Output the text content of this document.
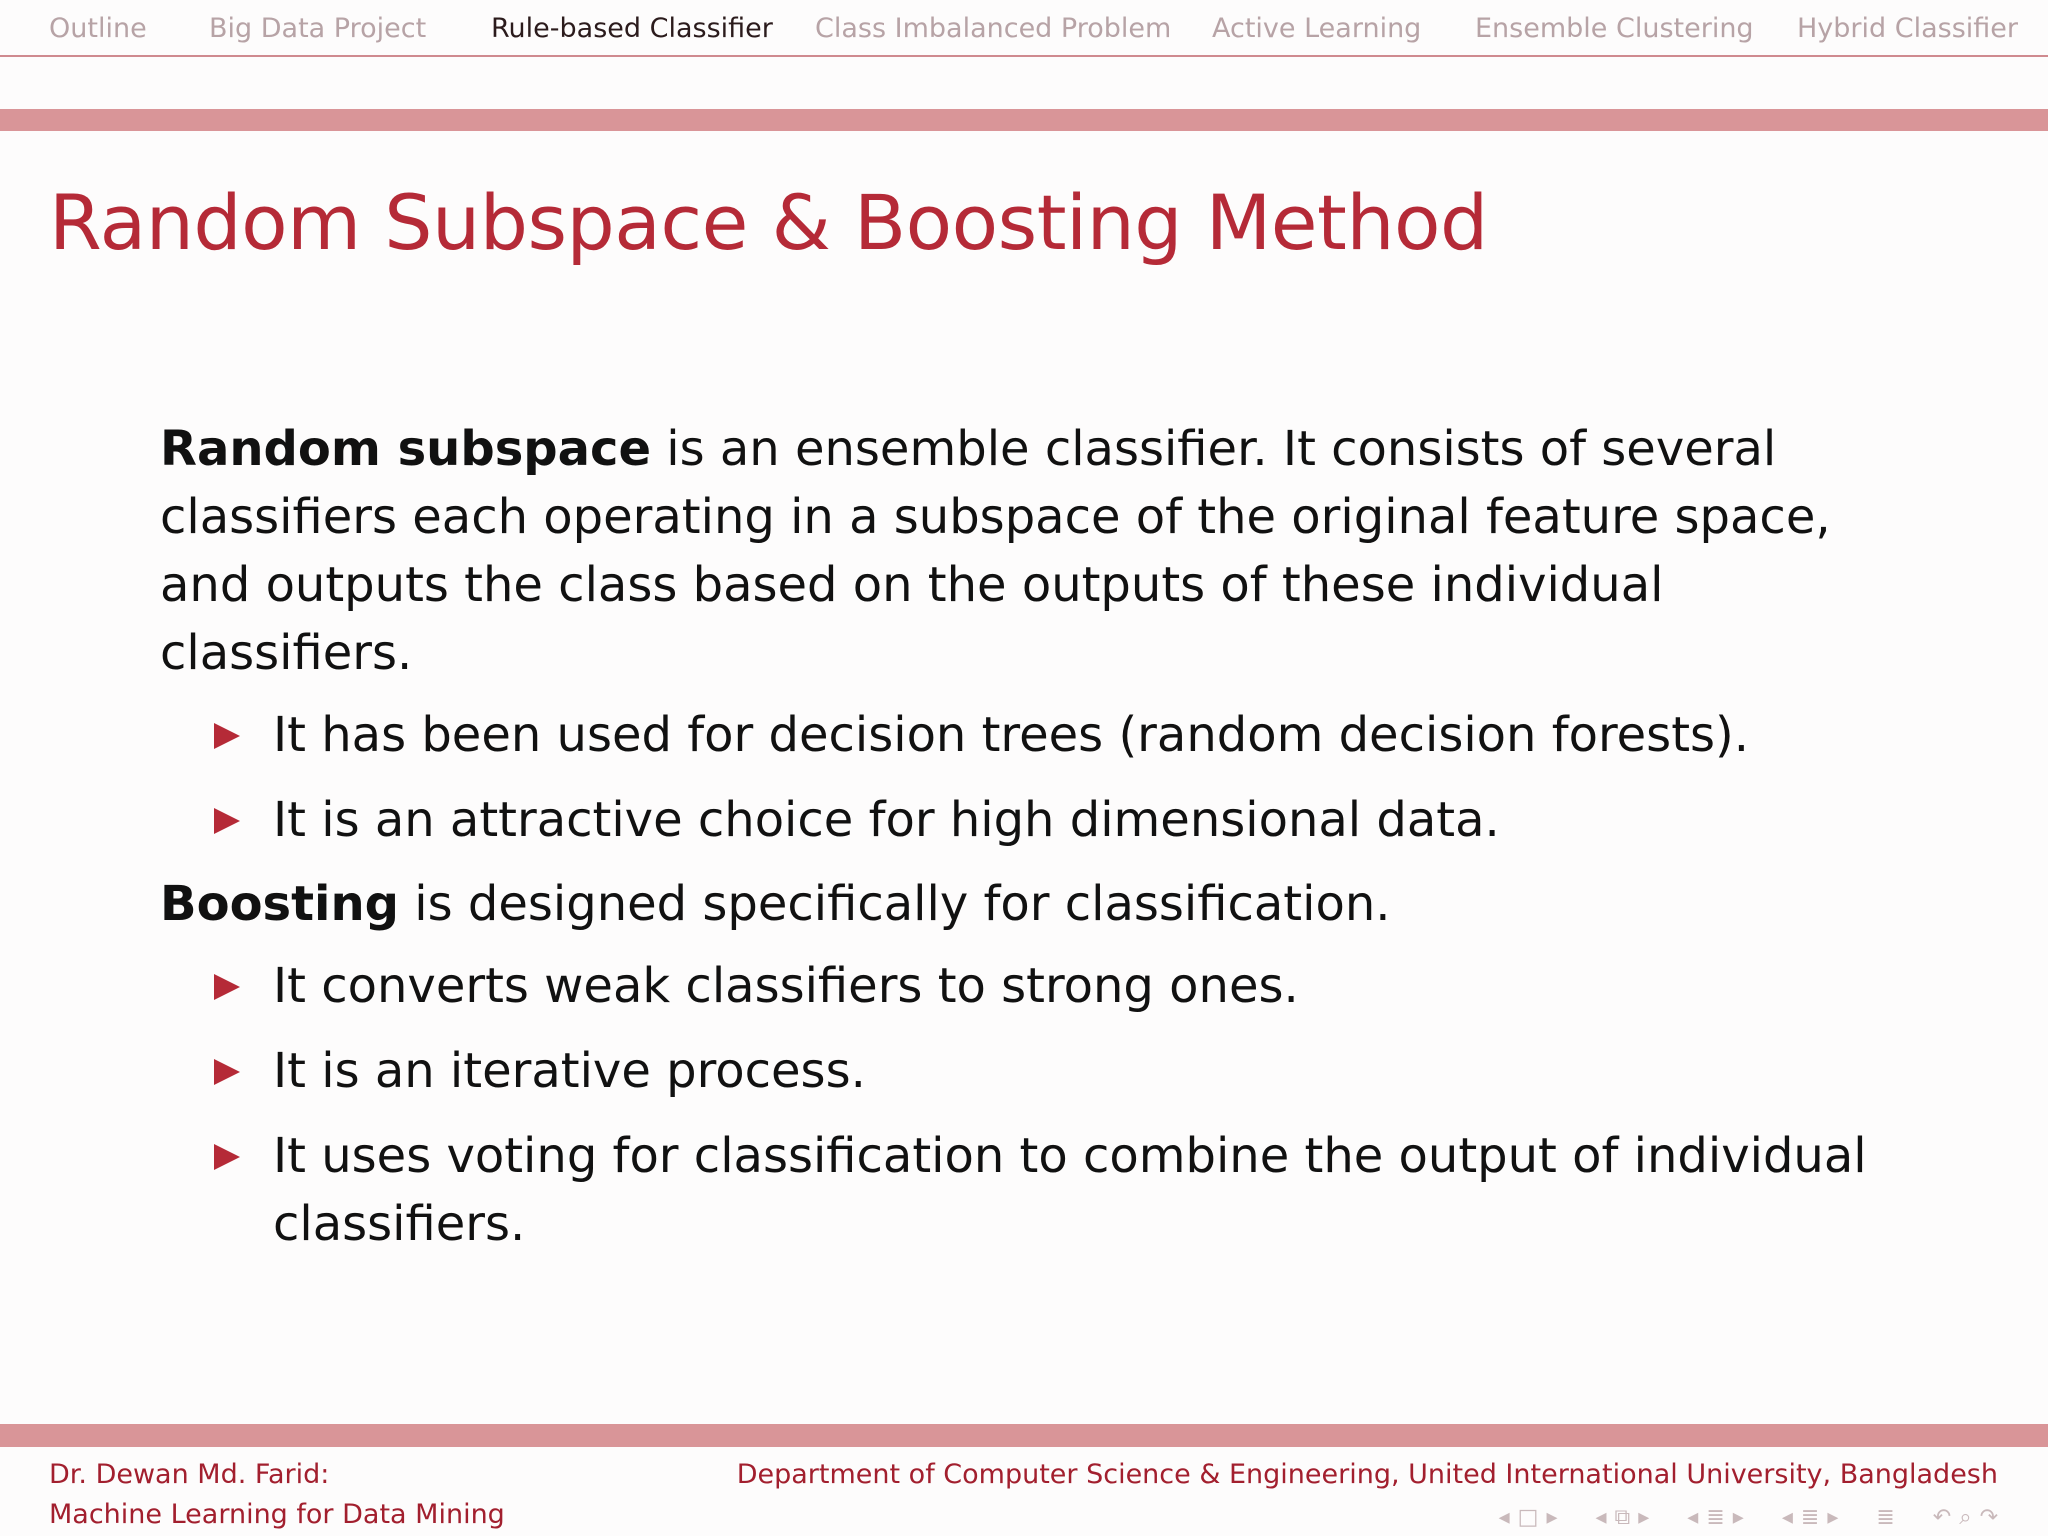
Outline Big Data Project Rule-based Classifier Class Imbalanced Problem Active Learning Ensemble Clustering Hybrid Classifier
Random Subspace & Boosting Method

Random subspace is an ensemble classifier. It consists of several classifiers each operating in a subspace of the original feature space, and outputs the class based on the outputs of these individual classifiers.

It has been used for decision trees (random decision forests).
It is an attractive choice for high dimensional data.

Boosting is designed specifically for classification.

It converts weak classifiers to strong ones.
It is an iterative process.
It uses voting for classification to combine the output of individual classifiers.
Dr. Dewan Md. Farid:
Machine Learning for Data Mining
Department of Computer Science & Engineering, United International University, Bangladesh
◂ □ ▸ ◂ ⧉ ▸ ◂ ≣ ▸ ◂ ≣ ▸ ≣ ↶ ⌕ ↷
